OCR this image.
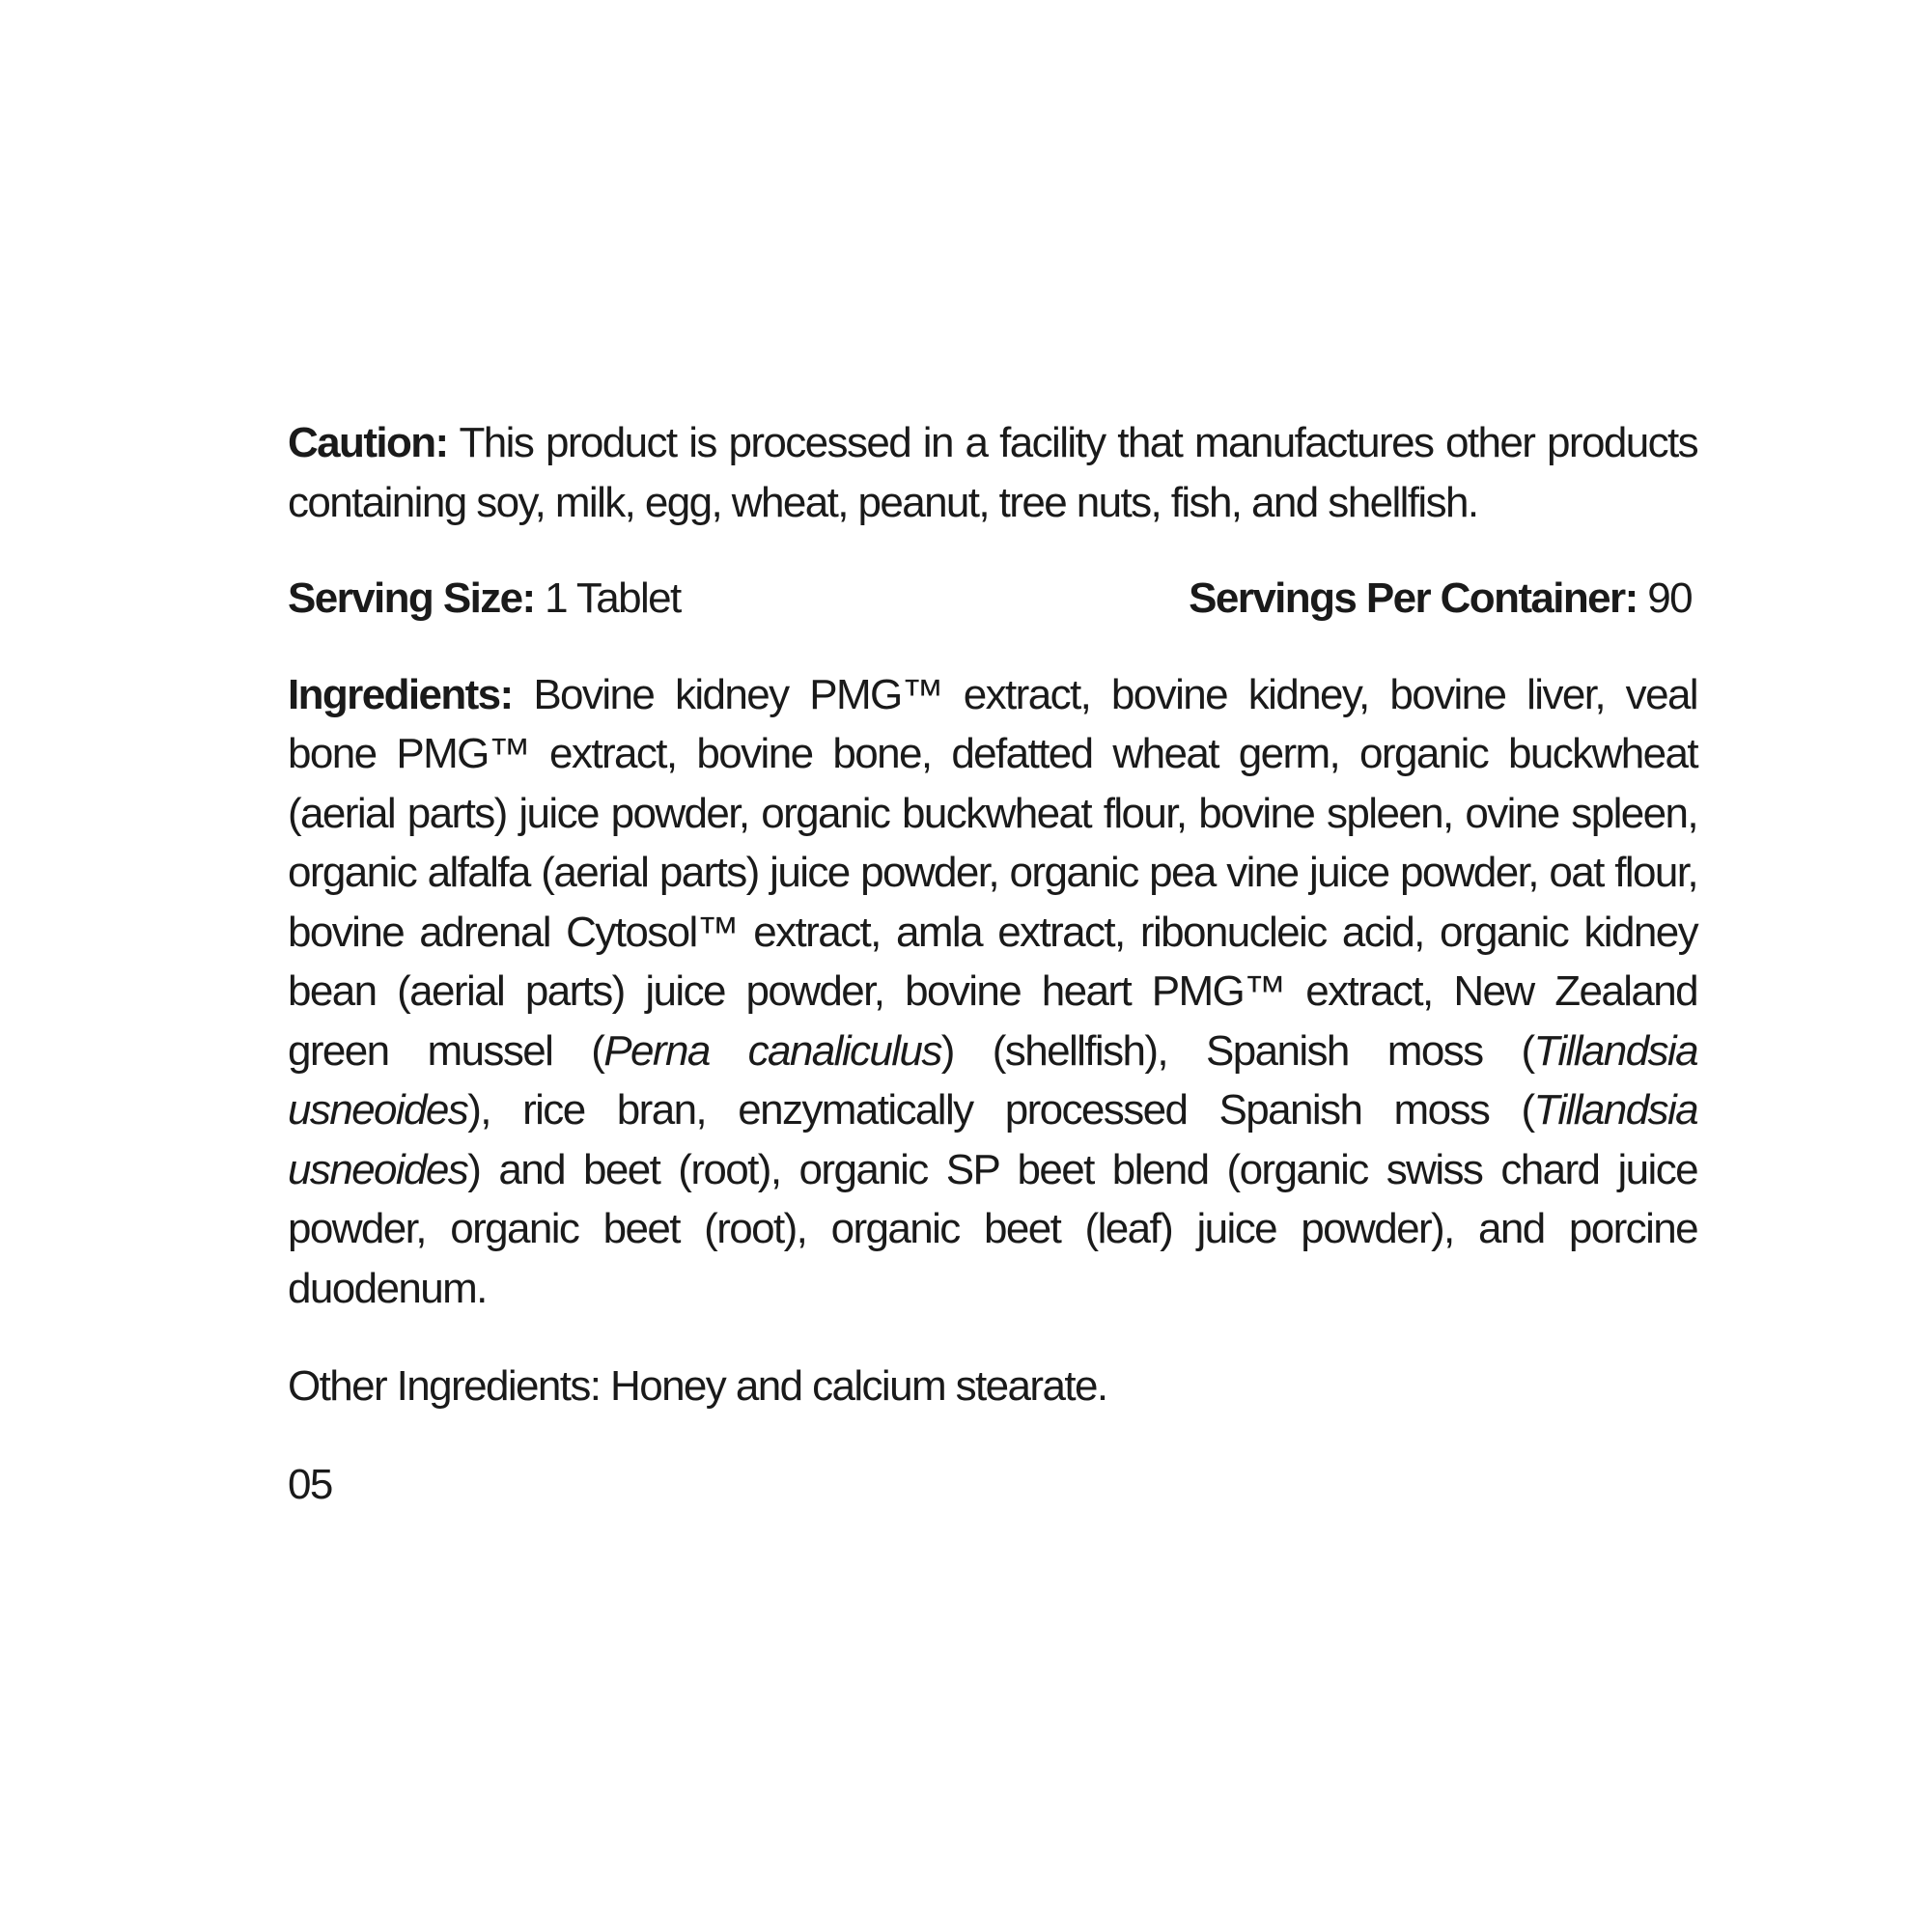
Caution: This product is processed in a facility that manufactures other products containing soy, milk, egg, wheat, peanut, tree nuts, fish, and shellfish.

Serving Size: 1 Tablet	Servings Per Container: 90

Ingredients: Bovine kidney PMG™ extract, bovine kidney, bovine liver, veal bone PMG™ extract, bovine bone, defatted wheat germ, organic buckwheat (aerial parts) juice powder, organic buckwheat flour, bovine spleen, ovine spleen, organic alfalfa (aerial parts) juice powder, organic pea vine juice powder, oat flour, bovine adrenal Cytosol™ extract, amla extract, ribonucleic acid, organic kidney bean (aerial parts) juice powder, bovine heart PMG™ extract, New Zealand green mussel (Perna canaliculus) (shellfish), Spanish moss (Tillandsia usneoides), rice bran, enzymatically processed Spanish moss (Tillandsia usneoides) and beet (root), organic SP beet blend (organic swiss chard juice powder, organic beet (root), organic beet (leaf) juice powder), and porcine duodenum.

Other Ingredients: Honey and calcium stearate.

05
